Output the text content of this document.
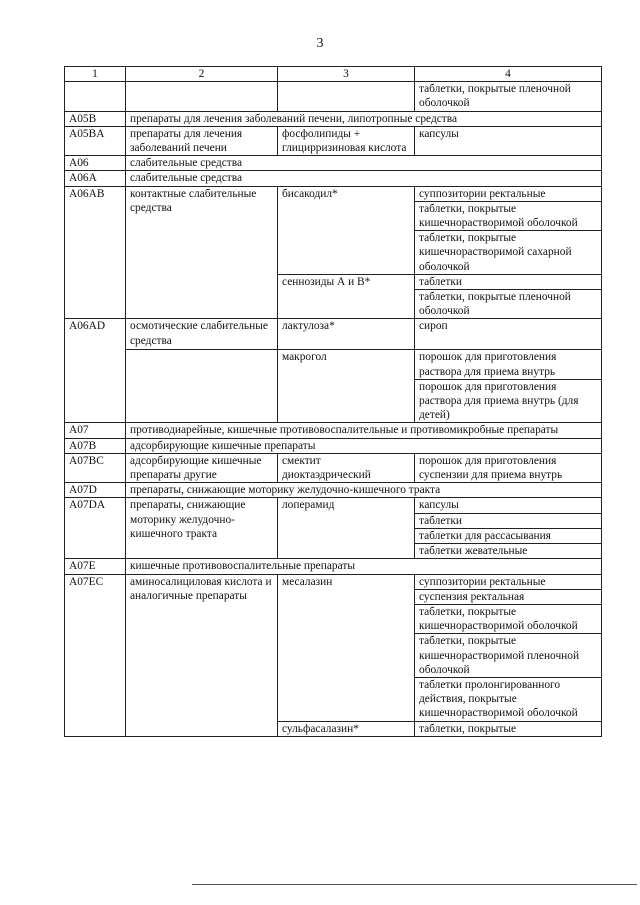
3
1	2	3	4
			таблетки, покрытые пленочной оболочкой
A05B	препараты для лечения заболеваний печени, липотропные средства		
A05BA	препараты для лечения заболеваний печени	фосфолипиды + глицирризиновая кислота	капсулы
A06	слабительные средства		
A06A	слабительные средства		
A06AB	контактные слабительные средства	бисакодил*	суппозитории ректальные
			таблетки, покрытые кишечнорастворимой оболочкой
			таблетки, покрытые кишечнорастворимой сахарной оболочкой
		сеннозиды А и В*	таблетки
			таблетки, покрытые пленочной оболочкой
A06AD	осмотические слабительные средства	лактулоза*	сироп
		макрогол	порошок для приготовления раствора для приема внутрь
			порошок для приготовления раствора для приема внутрь (для детей)
A07	противодиарейные, кишечные противовоспалительные и противомикробные препараты		
A07B	адсорбирующие кишечные препараты		
A07BC	адсорбирующие кишечные препараты другие	смектит диоктаэдрический	порошок для приготовления суспензии для приема внутрь
A07D	препараты, снижающие моторику желудочно-кишечного тракта		
A07DA	препараты, снижающие моторику желудочно-кишечного тракта	лоперамид	капсулы
			таблетки
			таблетки для рассасывания
			таблетки жевательные
A07E	кишечные противовоспалительные препараты		
A07EC	аминосалициловая кислота и аналогичные препараты	месалазин	суппозитории ректальные
			суспензия ректальная
			таблетки, покрытые кишечнорастворимой оболочкой
			таблетки, покрытые кишечнорастворимой пленочной оболочкой
			таблетки пролонгированного действия, покрытые кишечнорастворимой оболочкой
		сульфасалазин*	таблетки, покрытые
